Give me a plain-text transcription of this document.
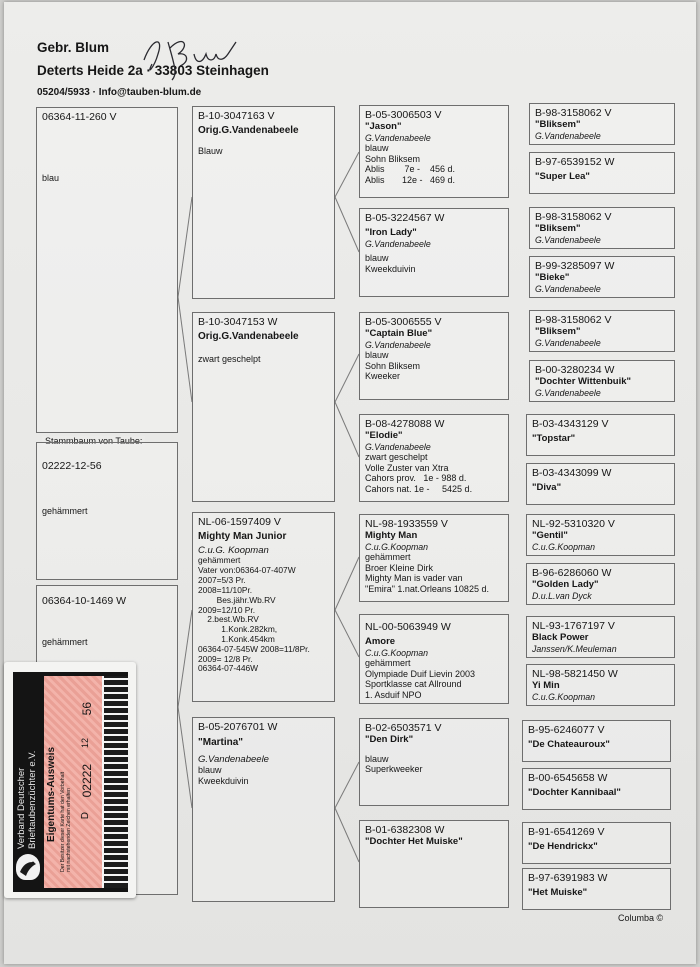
Gebr. Blum
Deterts Heide 2a · 33803 Steinhagen
05204/5933 · Info@tauben-blum.de
06364-11-260 V
blau
Stammbaum von Taube:
02222-12-56
gehämmert
06364-10-1469 W
gehämmert
B-10-3047163 V
Orig.G.Vandenabeele
Blauw
B-10-3047153 W
Orig.G.Vandenabeele
zwart geschelpt
NL-06-1597409 V
Mighty Man Junior
C.u.G. Koopman
gehämmert
Vater von:06364-07-407W
2007=5/3 Pr.
2008=11/10Pr.
Bes.jähr.Wb.RV
2009=12/10 Pr.
2.best.Wb.RV
1.Konk.282km,
1.Konk.454km
06364-07-545W 2008=11/8Pr.
2009= 12/8 Pr.
06364-07-446W
B-05-2076701 W
"Martina"
G.Vandenabeele
blauw
Kweekduivin
B-05-3006503 V
"Jason"
G.Vandenabeele
blauw
Sohn Bliksem
Ablis        7e -    456 d.
Ablis       12e -   469 d.
B-05-3224567 W
"Iron Lady"
G.Vandenabeele
blauw
Kweekduivin
B-05-3006555 V
"Captain Blue"
G.Vandenabeele
blauw
Sohn Bliksem
Kweeker
B-08-4278088 W
"Elodie"
G.Vandenabeele
zwart geschelpt
Volle Zuster van Xtra
Cahors prov.   1e - 988 d.
Cahors nat. 1e -     5425 d.
NL-98-1933559 V
Mighty Man
C.u.G.Koopman
gehämmert
Broer Kleine Dirk
Mighty Man is vader van
"Emira" 1.nat.Orleans 10825 d.
NL-00-5063949 W
Amore
C.u.G.Koopman
gehämmert
Olympiade Duif Lievin 2003
Sportklasse cat Allround
1. Asduif NPO
B-02-6503571 V
"Den Dirk"
blauw
Superkweeker
B-01-6382308 W
"Dochter Het Muiske"
B-98-3158062 V
"Bliksem"
G.Vandenabeele
B-97-6539152 W
"Super Lea"
B-98-3158062 V
"Bliksem"
G.Vandenabeele
B-99-3285097 W
"Bieke"
G.Vandenabeele
B-98-3158062 V
"Bliksem"
G.Vandenabeele
B-00-3280234 W
"Dochter Wittenbuik"
G.Vandenabeele
B-03-4343129 V
"Topstar"
B-03-4343099 W
"Diva"
NL-92-5310320 V
"Gentil"
C.u.G.Koopman
B-96-6286060 W
"Golden Lady"
D.u.L.van Dyck
NL-93-1767197 V
Black Power
Janssen/K.Meuleman
NL-98-5821450 W
Yi Min
C.u.G.Koopman
B-95-6246077 V
"De Chateauroux"
B-00-6545658 W
"Dochter Kannibaal"
B-91-6541269 V
"De Hendrickx"
B-97-6391983 W
"Het Muiske"
Columba ©
Verband Deutscher
Brieftaubenzüchter e.V. Eigentums-Ausweis
Der Besitzer dieser Karte hat den Vorbehalt
mit nachstehenden Zeichen erhalten
D
02222
12
56
